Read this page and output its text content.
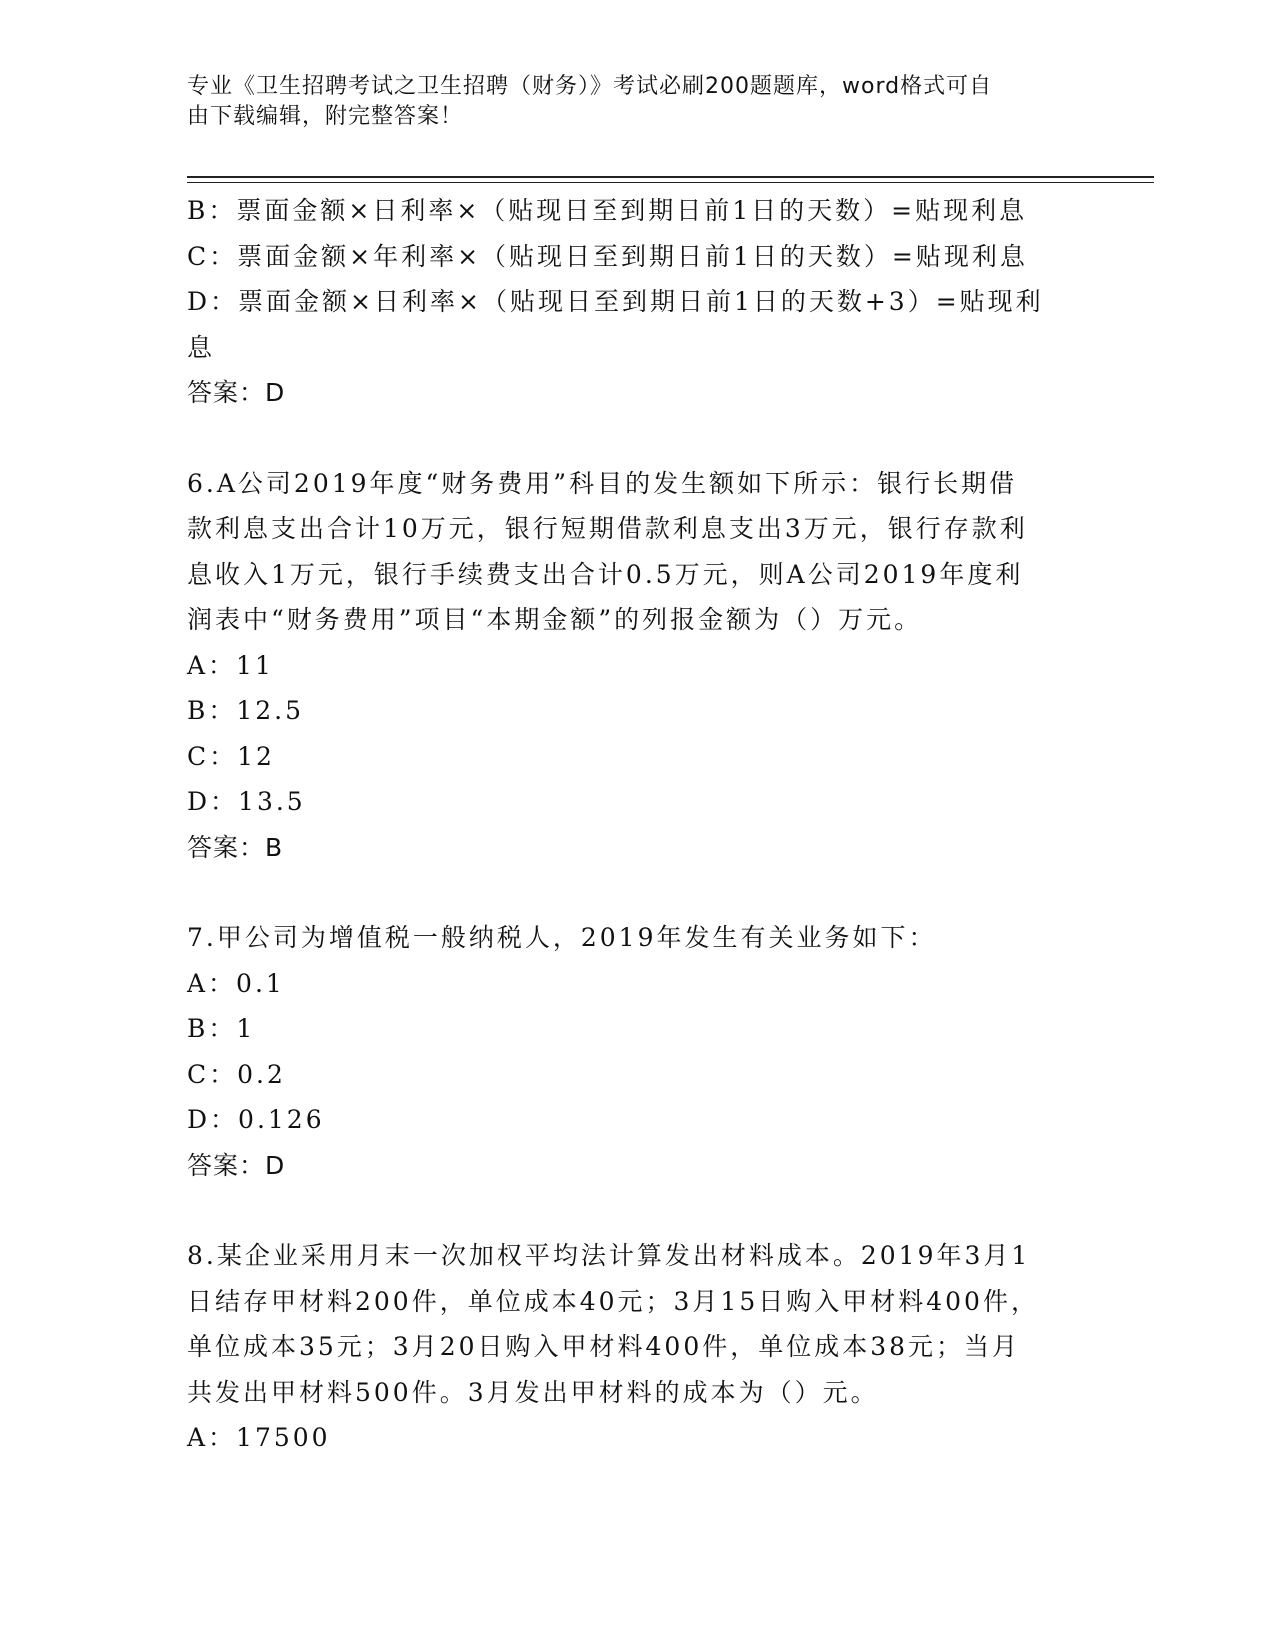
专业《卫生招聘考试之卫生招聘（财务）》考试必刷200题题库，word格式可自
由下载编辑，附完整答案！
B：票面金额×日利率×（贴现日至到期日前1日的天数）=贴现利息
C：票面金额×年利率×（贴现日至到期日前1日的天数）=贴现利息
D：票面金额×日利率×（贴现日至到期日前1日的天数+3）=贴现利
息
答案：D
6.A公司2019年度“财务费用”科目的发生额如下所示：银行长期借
款利息支出合计10万元，银行短期借款利息支出3万元，银行存款利
息收入1万元，银行手续费支出合计0.5万元，则A公司2019年度利
润表中“财务费用”项目“本期金额”的列报金额为（）万元。
A：11
B：12.5
C：12
D：13.5
答案：B
7.甲公司为增值税一般纳税人，2019年发生有关业务如下：
A：0.1
B：1
C：0.2
D：0.126
答案：D
8.某企业采用月末一次加权平均法计算发出材料成本。2019年3月1
日结存甲材料200件，单位成本40元；3月15日购入甲材料400件，
单位成本35元；3月20日购入甲材料400件，单位成本38元；当月
共发出甲材料500件。3月发出甲材料的成本为（）元。
A：17500
